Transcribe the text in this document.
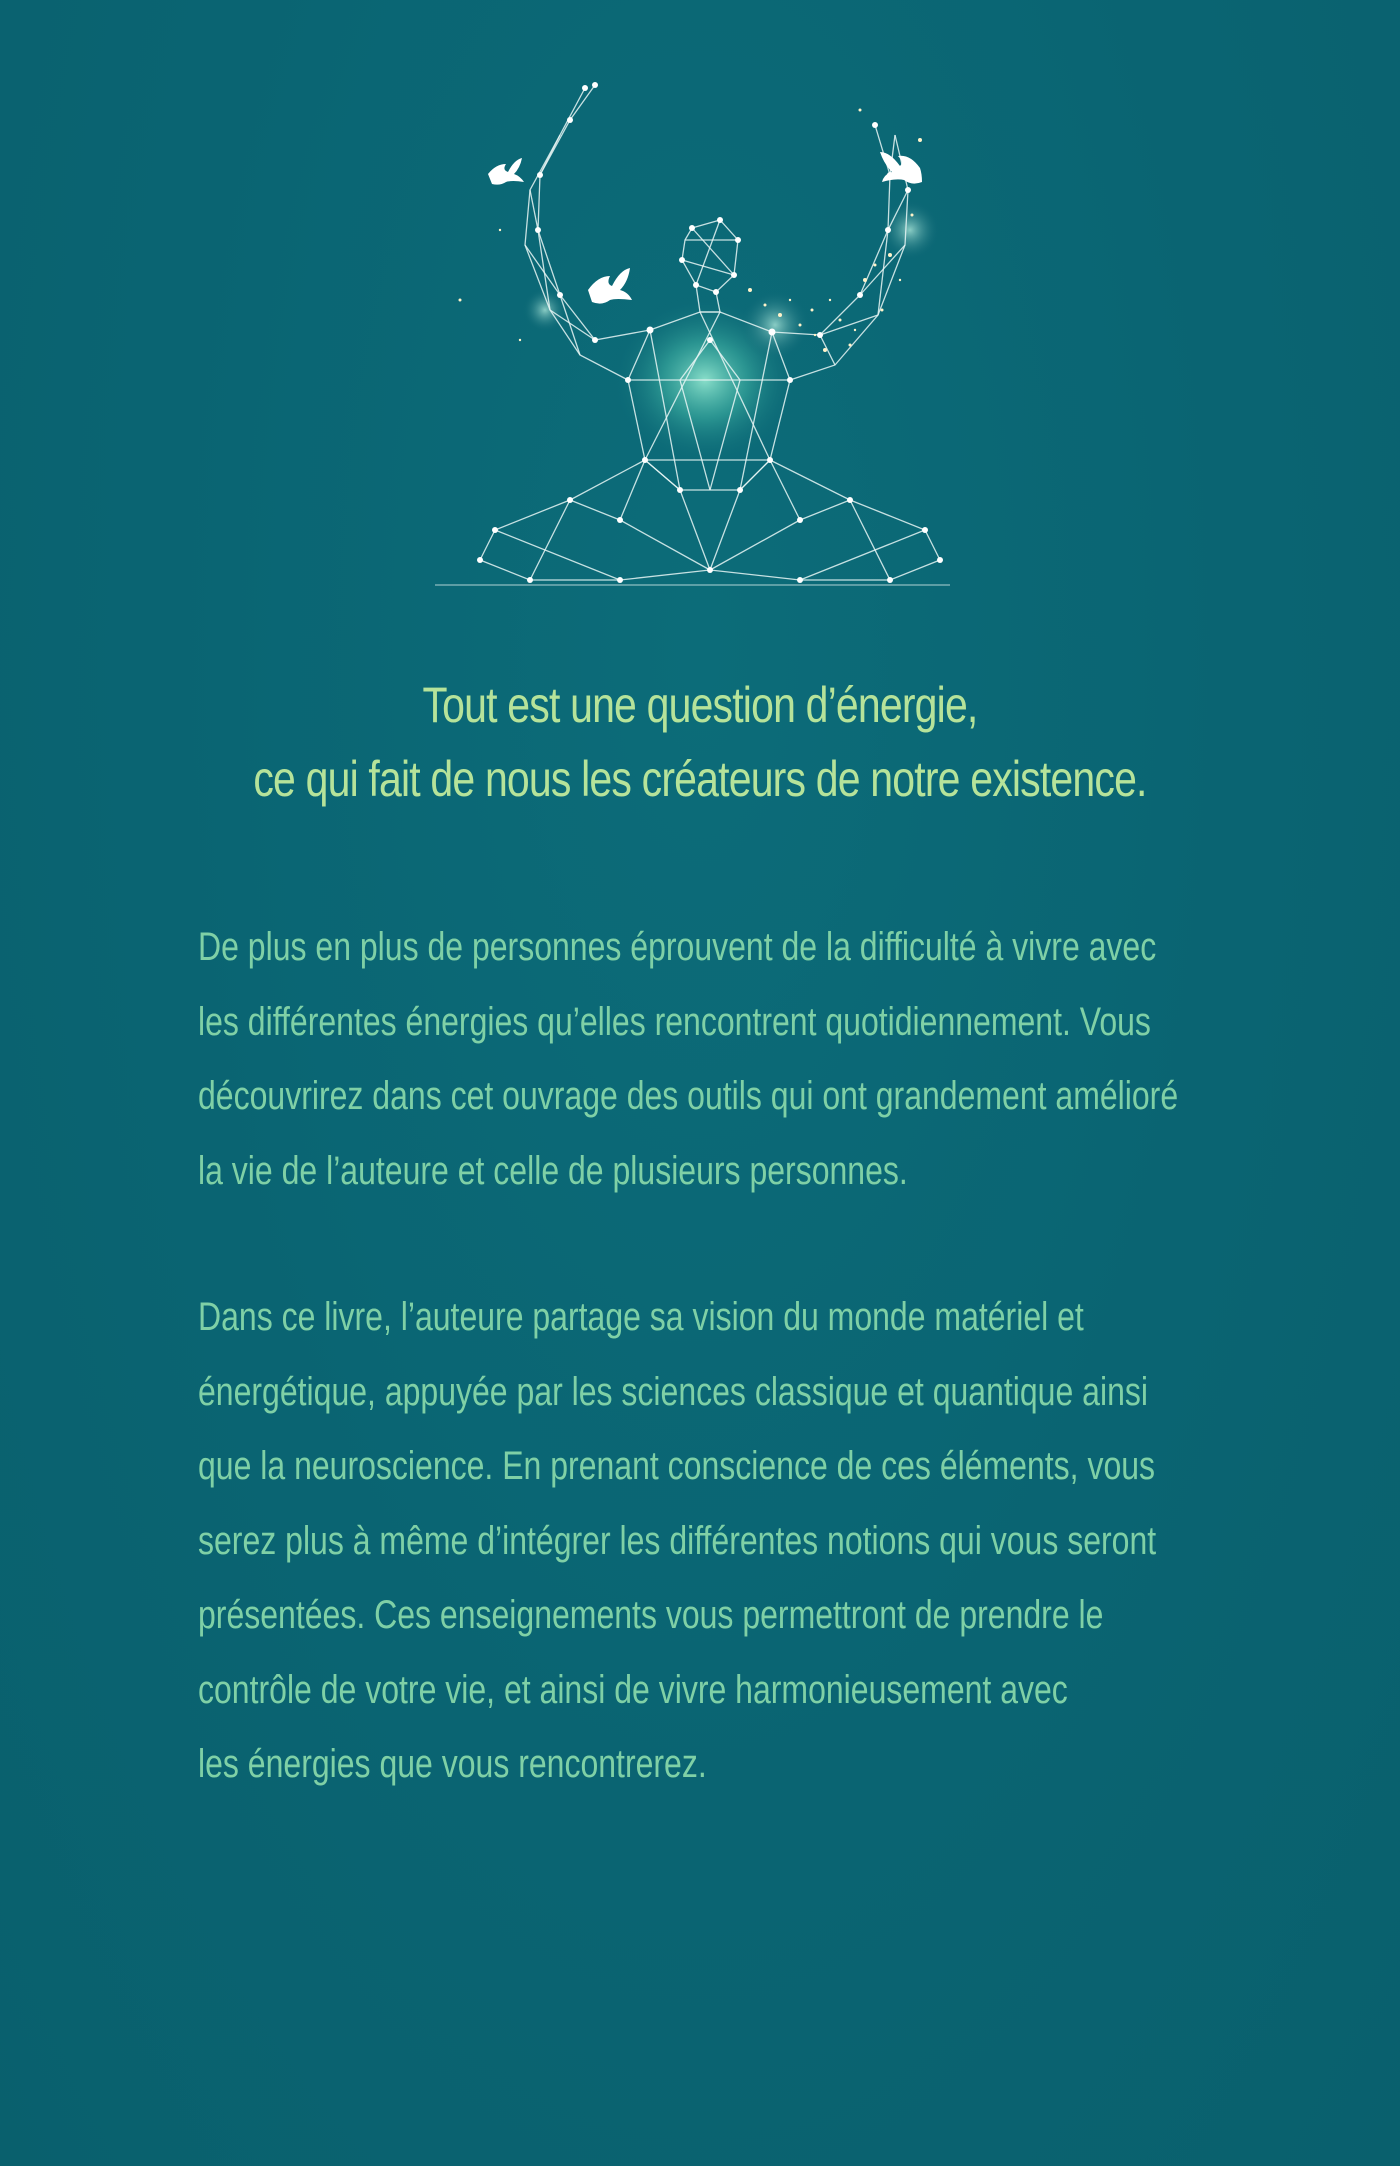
Tout est une question d’énergie,
ce qui fait de nous les créateurs de notre existence.
De plus en plus de personnes éprouvent de la difficulté à vivre avec
les différentes énergies qu’elles rencontrent quotidiennement. Vous
découvrirez dans cet ouvrage des outils qui ont grandement amélioré
la vie de l’auteure et celle de plusieurs personnes.
Dans ce livre, l’auteure partage sa vision du monde matériel et
énergétique, appuyée par les sciences classique et quantique ainsi
que la neuroscience. En prenant conscience de ces éléments, vous
serez plus à même d’intégrer les différentes notions qui vous seront
présentées. Ces enseignements vous permettront de prendre le
contrôle de votre vie, et ainsi de vivre harmonieusement avec
les énergies que vous rencontrerez.
